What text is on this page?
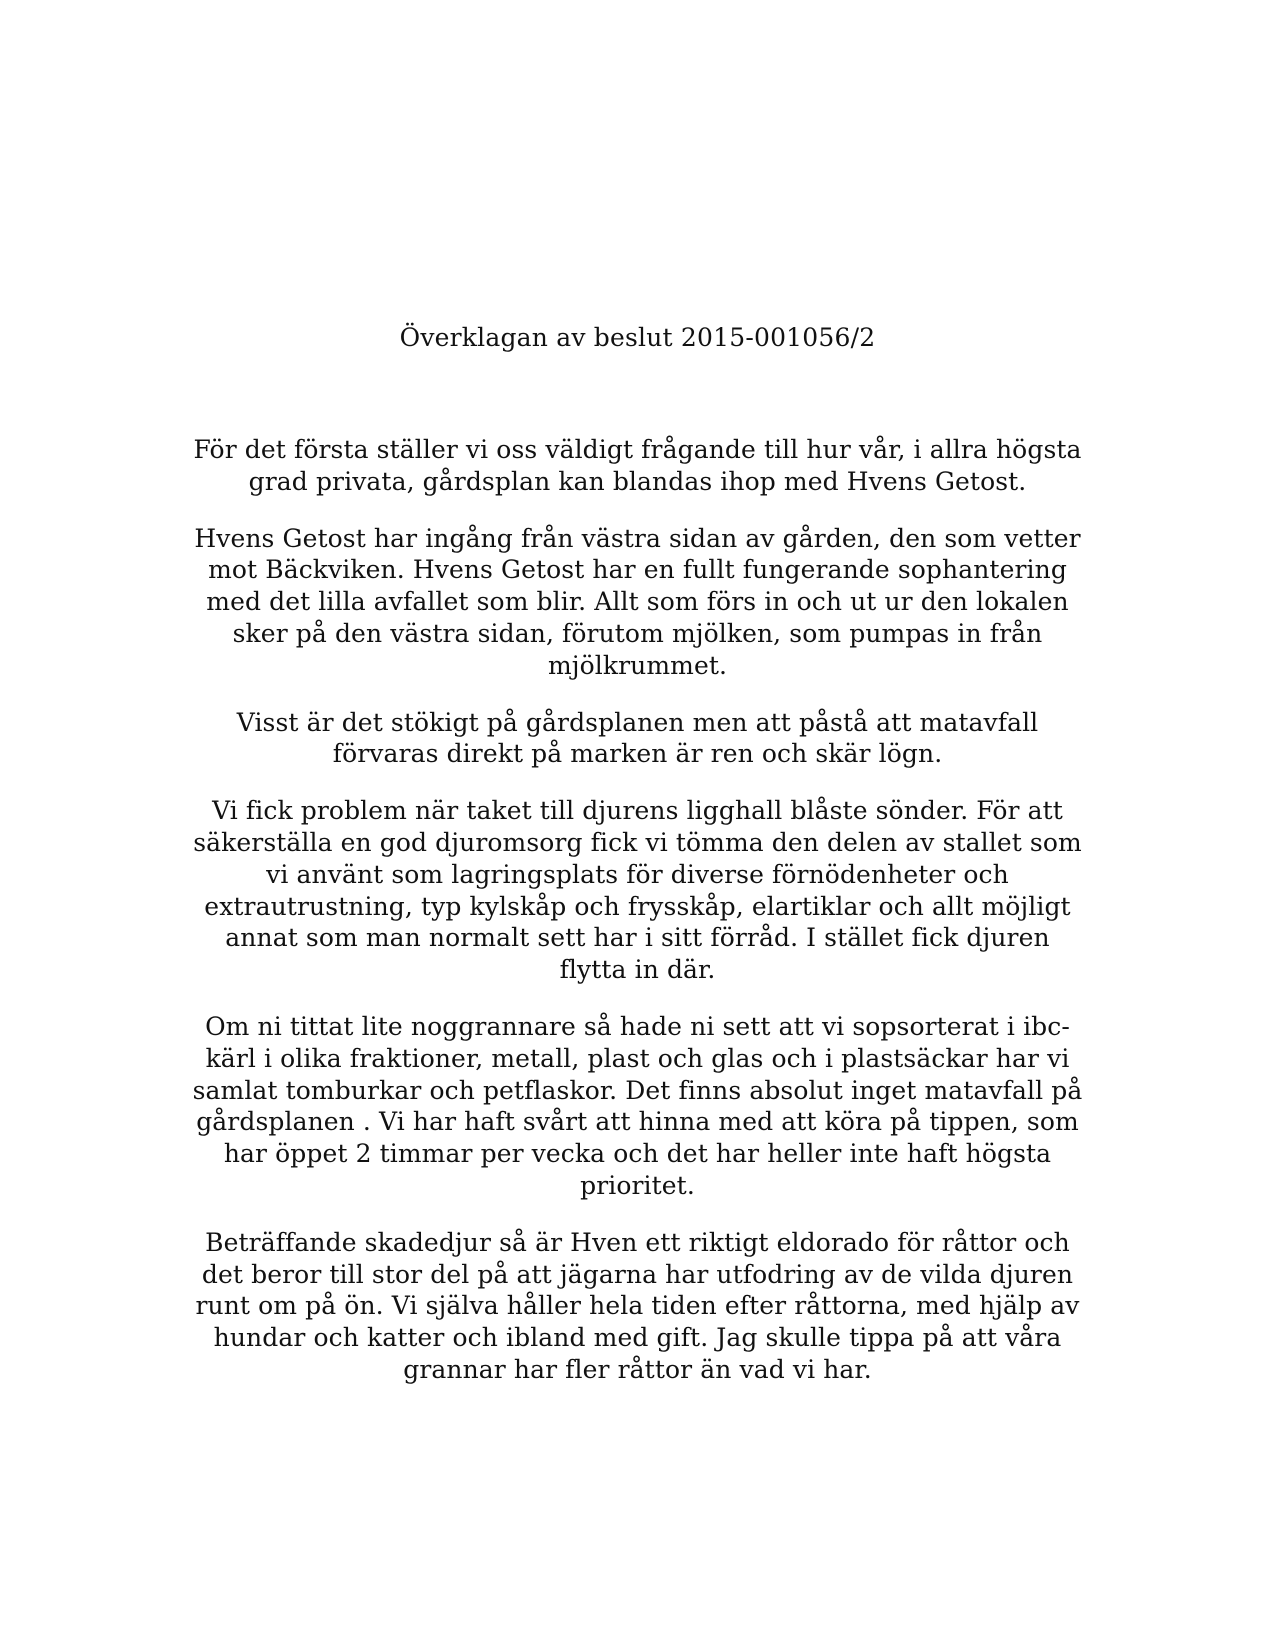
Överklagan av beslut 2015-001056/2

För det första ställer vi oss väldigt frågande till hur vår, i allra högsta grad privata, gårdsplan kan blandas ihop med Hvens Getost.

Hvens Getost har ingång från västra sidan av gården, den som vetter mot Bäckviken. Hvens Getost har en fullt fungerande sophantering med det lilla avfallet som blir. Allt som förs in och ut ur den lokalen sker på den västra sidan, förutom mjölken, som pumpas in från mjölkrummet.

Visst är det stökigt på gårdsplanen men att påstå att matavfall förvaras direkt på marken är ren och skär lögn.

Vi fick problem när taket till djurens ligghall blåste sönder. För att säkerställa en god djuromsorg fick vi tömma den delen av stallet som vi använt som lagringsplats för diverse förnödenheter och extrautrustning, typ kylskåp och frysskåp, elartiklar och allt möjligt annat som man normalt sett har i sitt förråd. I stället fick djuren flytta in där.

Om ni tittat lite noggrannare så hade ni sett att vi sopsorterat i ibc-kärl i olika fraktioner, metall, plast och glas och i plastsäckar har vi samlat tomburkar och petflaskor. Det finns absolut inget matavfall på gårdsplanen . Vi har haft svårt att hinna med att köra på tippen, som har öppet 2 timmar per vecka och det har heller inte haft högsta prioritet.

Beträffande skadedjur så är Hven ett riktigt eldorado för råttor och det beror till stor del på att jägarna har utfodring av de vilda djuren runt om på ön. Vi själva håller hela tiden efter råttorna, med hjälp av hundar och katter och ibland med gift. Jag skulle tippa på att våra grannar har fler råttor än vad vi har.
